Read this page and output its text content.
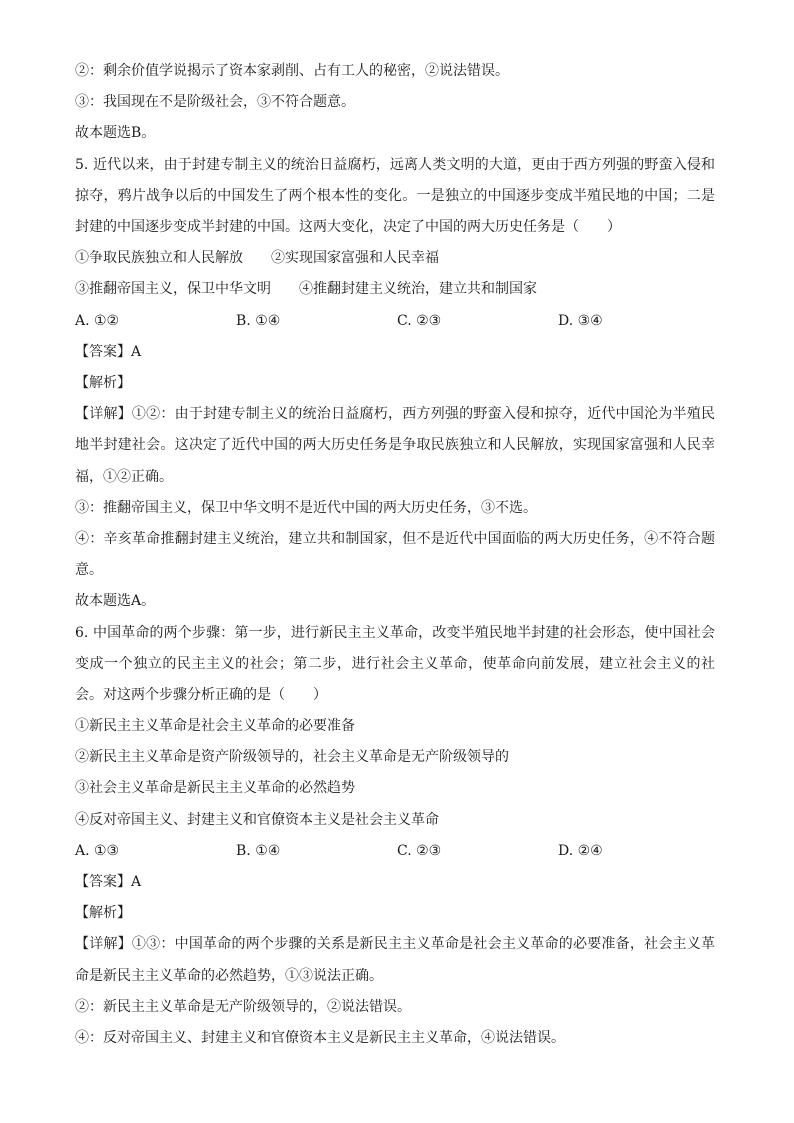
②：剩余价值学说揭示了资本家剥削、占有工人的秘密，②说法错误。
③：我国现在不是阶级社会，③不符合题意。
故本题选B。
5. 近代以来，由于封建专制主义的统治日益腐朽，远离人类文明的大道，更由于西方列强的野蛮入侵和掠夺，鸦片战争以后的中国发生了两个根本性的变化。一是独立的中国逐步变成半殖民地的中国；二是封建的中国逐步变成半封建的中国。这两大变化，决定了中国的两大历史任务是（　　）
①争取民族独立和人民解放　　②实现国家富强和人民幸福
③推翻帝国主义，保卫中华文明　　④推翻封建主义统治，建立共和制国家
A. ①②	B. ①④	C. ②③	D. ③④
【答案】A
【解析】
【详解】①②：由于封建专制主义的统治日益腐朽，西方列强的野蛮入侵和掠夺，近代中国沦为半殖民地半封建社会。这决定了近代中国的两大历史任务是争取民族独立和人民解放，实现国家富强和人民幸福，①②正确。
③：推翻帝国主义，保卫中华文明不是近代中国的两大历史任务，③不选。
④：辛亥革命推翻封建主义统治，建立共和制国家，但不是近代中国面临的两大历史任务，④不符合题意。
故本题选A。
6. 中国革命的两个步骤：第一步，进行新民主主义革命，改变半殖民地半封建的社会形态，使中国社会变成一个独立的民主主义的社会；第二步，进行社会主义革命，使革命向前发展，建立社会主义的社会。对这两个步骤分析正确的是（　　）
①新民主主义革命是社会主义革命的必要准备
②新民主主义革命是资产阶级领导的，社会主义革命是无产阶级领导的
③社会主义革命是新民主主义革命的必然趋势
④反对帝国主义、封建主义和官僚资本主义是社会主义革命
A. ①③	B. ①④	C. ②③	D. ②④
【答案】A
【解析】
【详解】①③：中国革命的两个步骤的关系是新民主主义革命是社会主义革命的必要准备，社会主义革命是新民主主义革命的必然趋势，①③说法正确。
②：新民主主义革命是无产阶级领导的，②说法错误。
④：反对帝国主义、封建主义和官僚资本主义是新民主主义革命，④说法错误。
